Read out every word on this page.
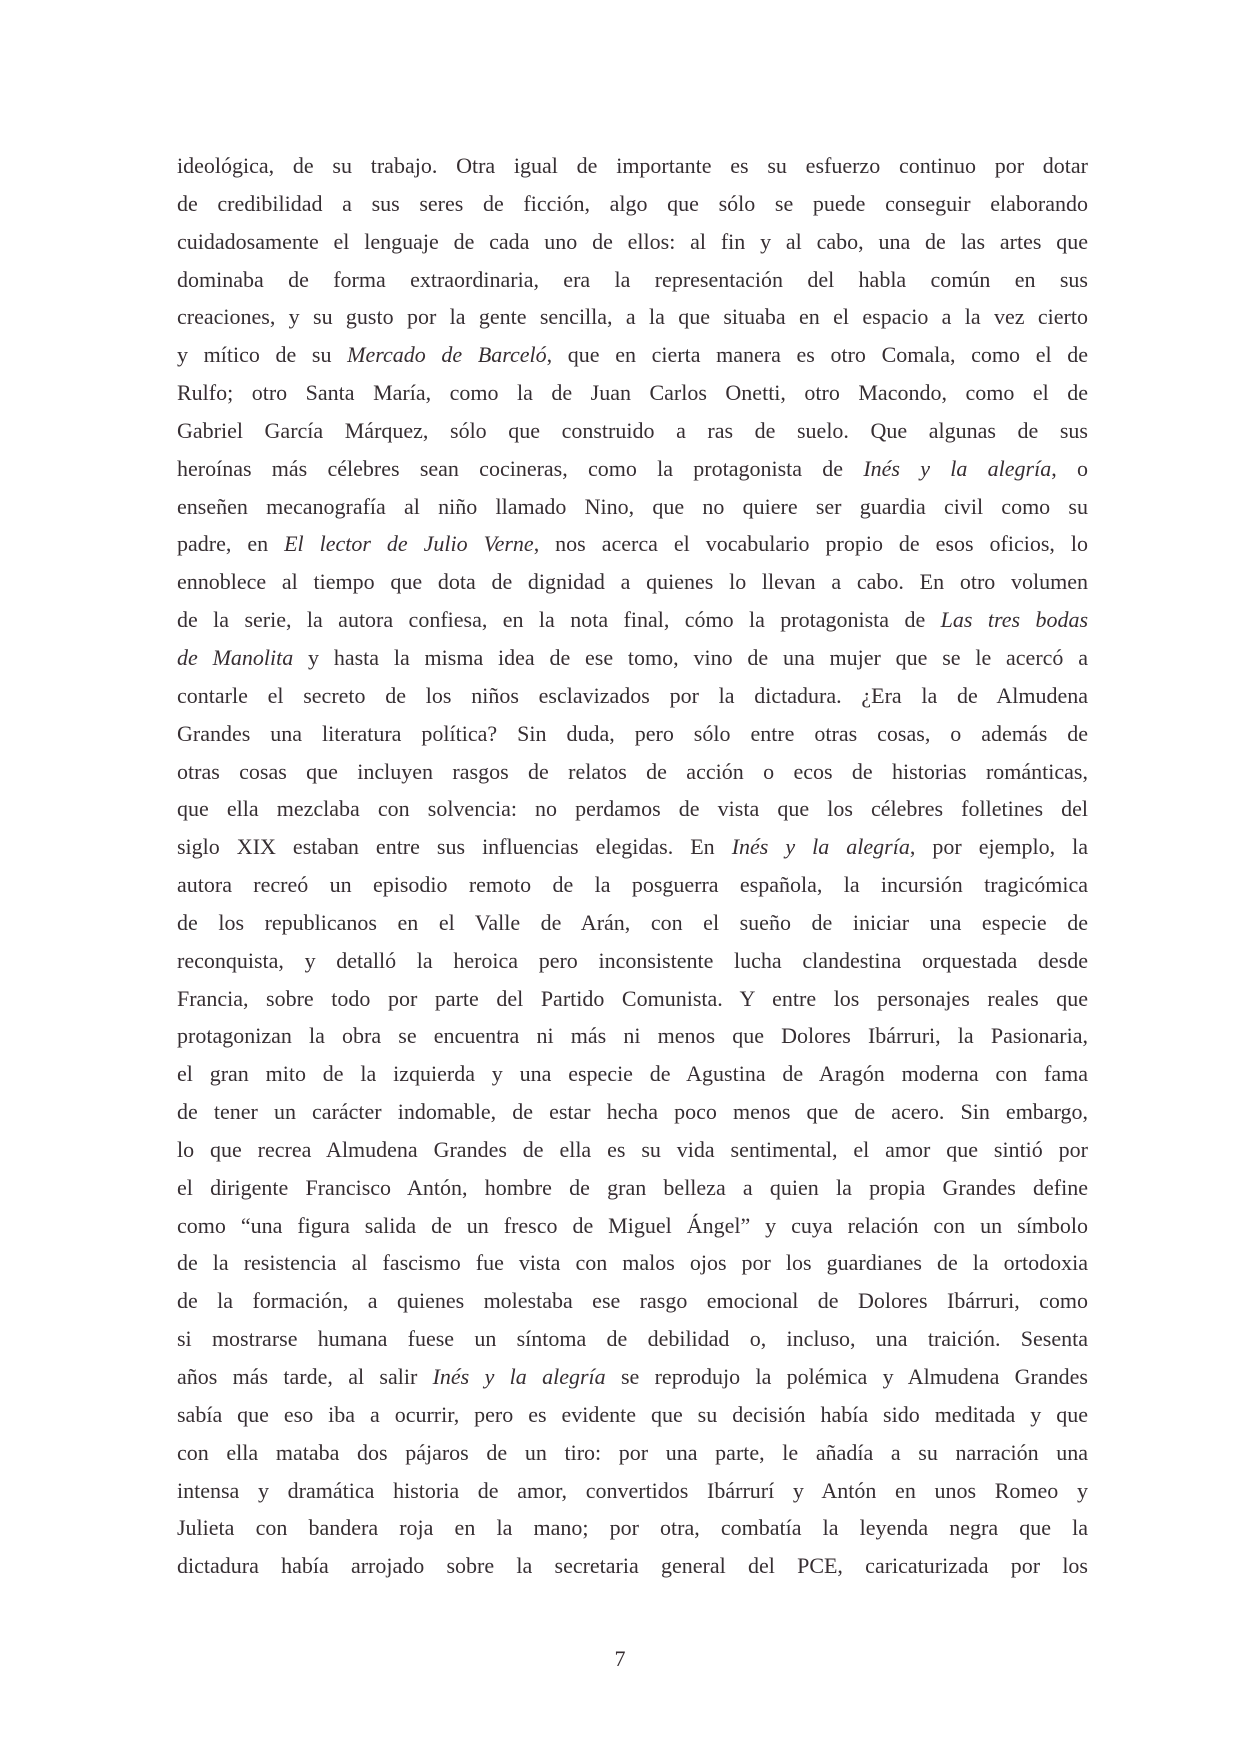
ideológica, de su trabajo. Otra igual de importante es su esfuerzo continuo por dotar
de credibilidad a sus seres de ficción, algo que sólo se puede conseguir elaborando
cuidadosamente el lenguaje de cada uno de ellos: al fin y al cabo, una de las artes que
dominaba de forma extraordinaria, era la representación del habla común en sus
creaciones, y su gusto por la gente sencilla, a la que situaba en el espacio a la vez cierto
y mítico de su Mercado de Barceló, que en cierta manera es otro Comala, como el de
Rulfo; otro Santa María, como la de Juan Carlos Onetti, otro Macondo, como el de
Gabriel García Márquez, sólo que construido a ras de suelo. Que algunas de sus
heroínas más célebres sean cocineras, como la protagonista de Inés y la alegría, o
enseñen mecanografía al niño llamado Nino, que no quiere ser guardia civil como su
padre, en El lector de Julio Verne, nos acerca el vocabulario propio de esos oficios, lo
ennoblece al tiempo que dota de dignidad a quienes lo llevan a cabo. En otro volumen
de la serie, la autora confiesa, en la nota final, cómo la protagonista de Las tres bodas
de Manolita y hasta la misma idea de ese tomo, vino de una mujer que se le acercó a
contarle el secreto de los niños esclavizados por la dictadura. ¿Era la de Almudena
Grandes una literatura política? Sin duda, pero sólo entre otras cosas, o además de
otras cosas que incluyen rasgos de relatos de acción o ecos de historias románticas,
que ella mezclaba con solvencia: no perdamos de vista que los célebres folletines del
siglo XIX estaban entre sus influencias elegidas. En Inés y la alegría, por ejemplo, la
autora recreó un episodio remoto de la posguerra española, la incursión tragicómica
de los republicanos en el Valle de Arán, con el sueño de iniciar una especie de
reconquista, y detalló la heroica pero inconsistente lucha clandestina orquestada desde
Francia, sobre todo por parte del Partido Comunista. Y entre los personajes reales que
protagonizan la obra se encuentra ni más ni menos que Dolores Ibárruri, la Pasionaria,
el gran mito de la izquierda y una especie de Agustina de Aragón moderna con fama
de tener un carácter indomable, de estar hecha poco menos que de acero. Sin embargo,
lo que recrea Almudena Grandes de ella es su vida sentimental, el amor que sintió por
el dirigente Francisco Antón, hombre de gran belleza a quien la propia Grandes define
como “una figura salida de un fresco de Miguel Ángel” y cuya relación con un símbolo
de la resistencia al fascismo fue vista con malos ojos por los guardianes de la ortodoxia
de la formación, a quienes molestaba ese rasgo emocional de Dolores Ibárruri, como
si mostrarse humana fuese un síntoma de debilidad o, incluso, una traición. Sesenta
años más tarde, al salir Inés y la alegría se reprodujo la polémica y Almudena Grandes
sabía que eso iba a ocurrir, pero es evidente que su decisión había sido meditada y que
con ella mataba dos pájaros de un tiro: por una parte, le añadía a su narración una
intensa y dramática historia de amor, convertidos Ibárrurí y Antón en unos Romeo y
Julieta con bandera roja en la mano; por otra, combatía la leyenda negra que la
dictadura había arrojado sobre la secretaria general del PCE, caricaturizada por los
7
